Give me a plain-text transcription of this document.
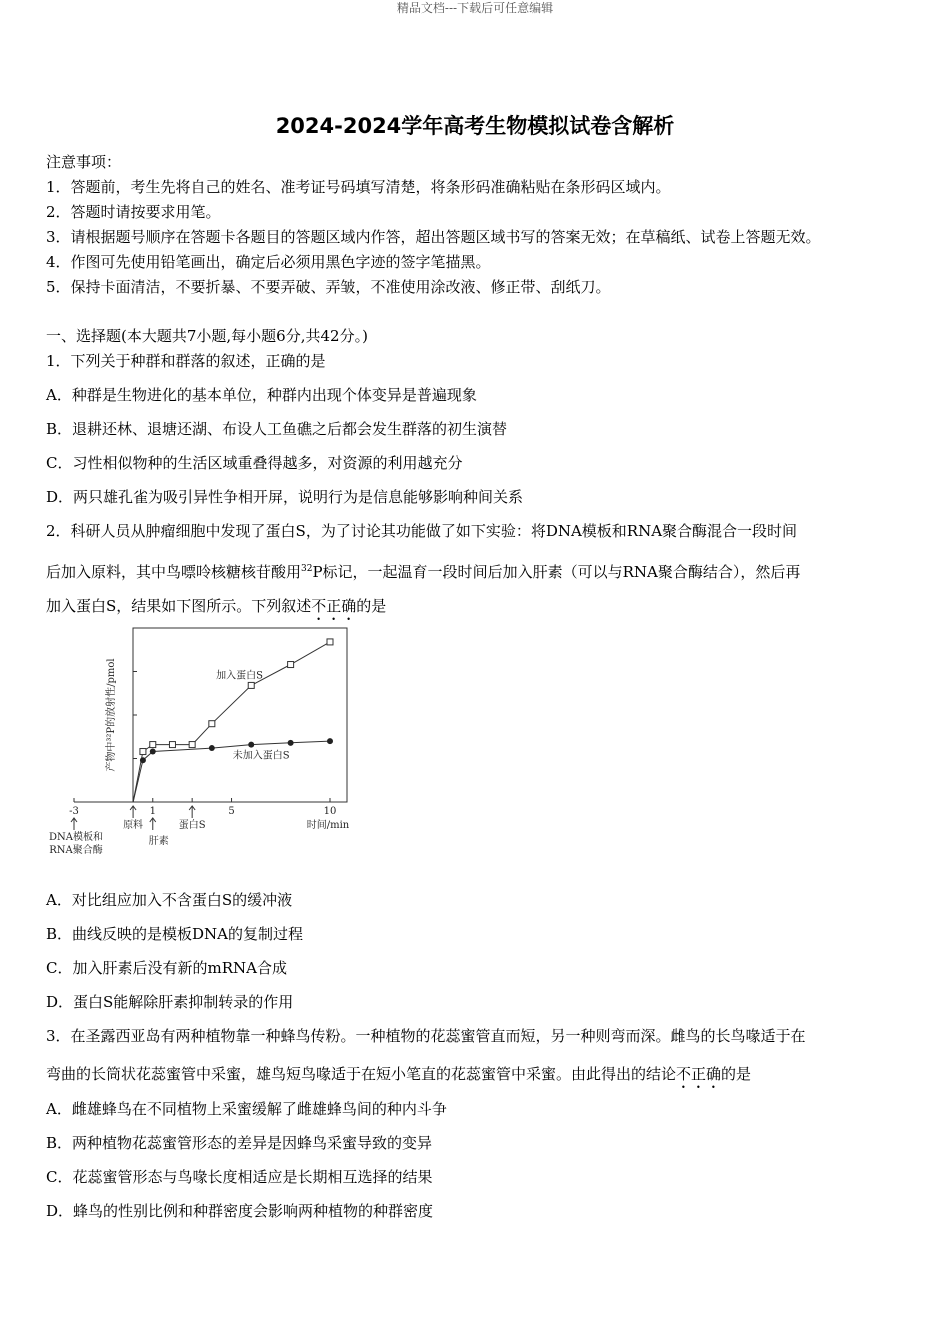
精品文档---下载后可任意编辑
2024-2024学年高考生物模拟试卷含解析
注意事项：
1．答题前，考生先将自己的姓名、准考证号码填写清楚，将条形码准确粘贴在条形码区域内。
2．答题时请按要求用笔。
3．请根据题号顺序在答题卡各题目的答题区域内作答，超出答题区域书写的答案无效；在草稿纸、试卷上答题无效。
4．作图可先使用铅笔画出，确定后必须用黑色字迹的签字笔描黑。
5．保持卡面清洁，不要折暴、不要弄破、弄皱，不准使用涂改液、修正带、刮纸刀。
一、选择题(本大题共7小题,每小题6分,共42分。)
1．下列关于种群和群落的叙述，正确的是
A．种群是生物进化的基本单位，种群内出现个体变异是普遍现象
B．退耕还林、退塘还湖、布设人工鱼礁之后都会发生群落的初生演替
C．习性相似物种的生活区域重叠得越多，对资源的利用越充分
D．两只雄孔雀为吸引异性争相开屏，说明行为是信息能够影响种间关系
2．科研人员从肿瘤细胞中发现了蛋白S，为了讨论其功能做了如下实验：将DNA模板和RNA聚合酶混合一段时间
后加入原料，其中鸟嘌呤核糖核苷酸用$^{32}$P标记，一起温育一段时间后加入肝素（可以与RNA聚合酶结合），然后再
加入蛋白S，结果如下图所示。下列叙述不正确的是
-3	1	5	10
时间/min
产物中³²P的放射性/pmol	加入蛋白S
未加入蛋白S
DNA模板和
RNA聚合酶
原料
肝素
蛋白S
A．对比组应加入不含蛋白S的缓冲液
B．曲线反映的是模板DNA的复制过程
C．加入肝素后没有新的mRNA合成
D．蛋白S能解除肝素抑制转录的作用
3．在圣露西亚岛有两种植物靠一种蜂鸟传粉。一种植物的花蕊蜜管直而短，另一种则弯而深。雌鸟的长鸟喙适于在
弯曲的长筒状花蕊蜜管中采蜜，雄鸟短鸟喙适于在短小笔直的花蕊蜜管中采蜜。由此得出的结论不正确的是
A．雌雄蜂鸟在不同植物上采蜜缓解了雌雄蜂鸟间的种内斗争
B．两种植物花蕊蜜管形态的差异是因蜂鸟采蜜导致的变异
C．花蕊蜜管形态与鸟喙长度相适应是长期相互选择的结果
D．蜂鸟的性别比例和种群密度会影响两种植物的种群密度
